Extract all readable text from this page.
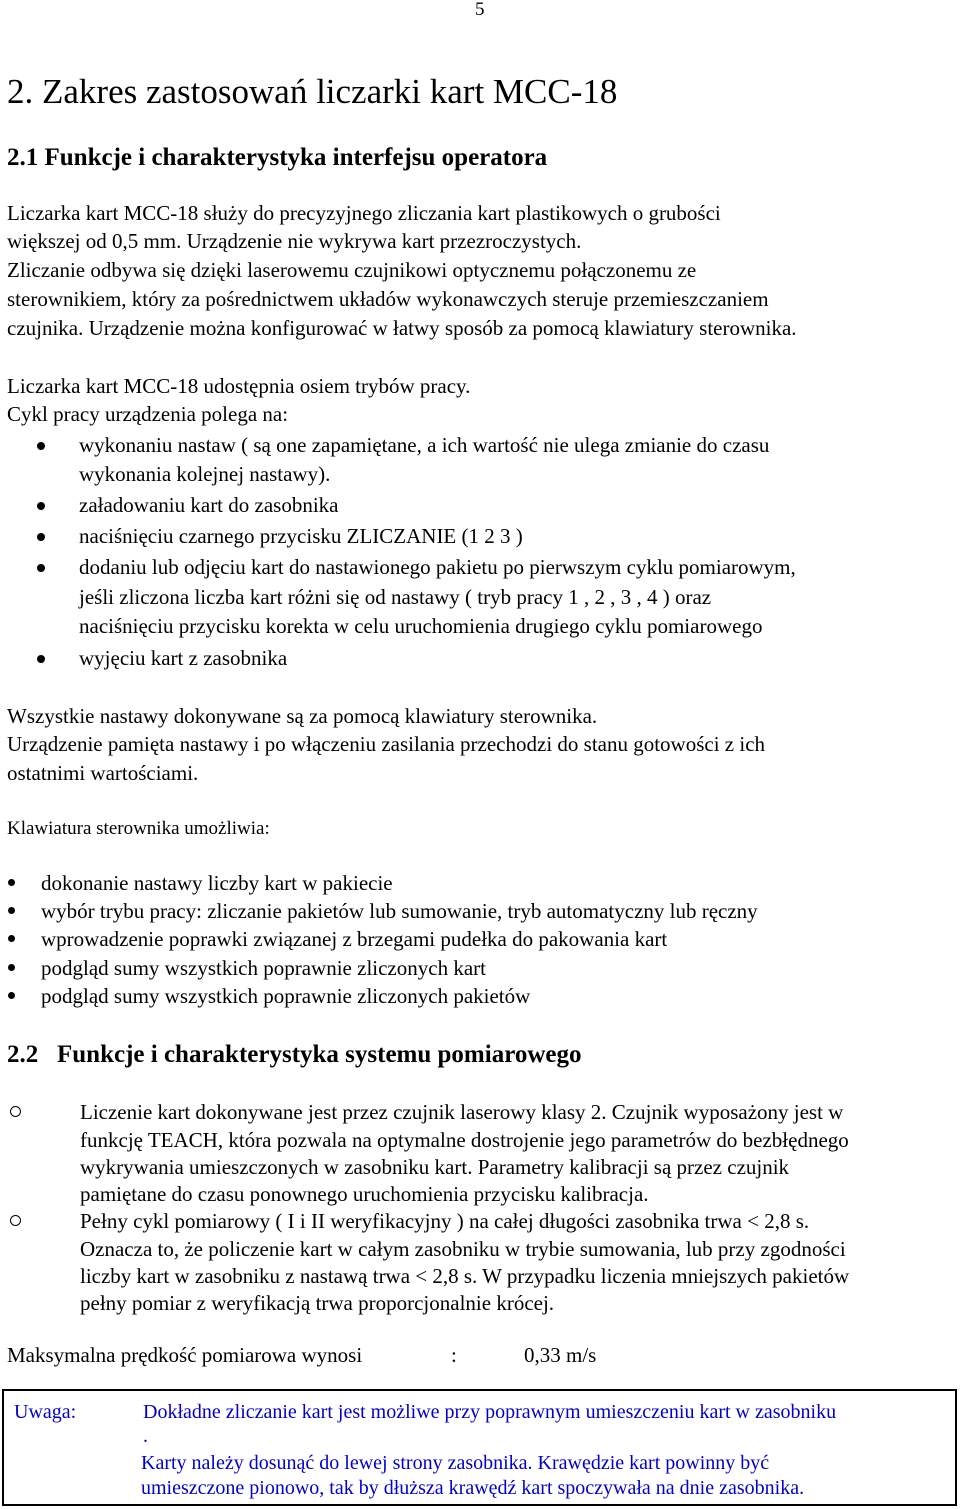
5
2. Zakres zastosowań liczarki kart MCC-18
2.1 Funkcje i charakterystyka interfejsu operatora
Liczarka kart MCC-18 służy do precyzyjnego zliczania kart plastikowych o grubości
większej od 0,5 mm. Urządzenie nie wykrywa kart przezroczystych.
Zliczanie odbywa się dzięki laserowemu czujnikowi optycznemu połączonemu ze
sterownikiem, który za pośrednictwem układów wykonawczych steruje przemieszczaniem
czujnika. Urządzenie można konfigurować w łatwy sposób za pomocą klawiatury sterownika.
Liczarka kart MCC-18 udostępnia osiem trybów pracy.
Cykl pracy urządzenia polega na:
wykonaniu nastaw ( są one zapamiętane, a ich wartość nie ulega zmianie do czasu
wykonania kolejnej nastawy).
załadowaniu kart do zasobnika
naciśnięciu czarnego przycisku ZLICZANIE (1 2 3 )
dodaniu lub odjęciu kart do nastawionego pakietu po pierwszym cyklu pomiarowym,
jeśli zliczona liczba kart różni się od nastawy ( tryb pracy 1 , 2 , 3 , 4 ) oraz
naciśnięciu przycisku korekta w celu uruchomienia drugiego cyklu pomiarowego
wyjęciu kart z zasobnika
Wszystkie nastawy dokonywane są za pomocą klawiatury sterownika.
Urządzenie pamięta nastawy i po włączeniu zasilania przechodzi do stanu gotowości z ich
ostatnimi wartościami.
Klawiatura sterownika umożliwia:
dokonanie nastawy liczby kart w pakiecie
wybór trybu pracy: zliczanie pakietów lub sumowanie, tryb automatyczny lub ręczny
wprowadzenie poprawki związanej z brzegami pudełka do pakowania kart
podgląd sumy wszystkich poprawnie zliczonych kart
podgląd sumy wszystkich poprawnie zliczonych pakietów
2.2 Funkcje i charakterystyka systemu pomiarowego
Liczenie kart dokonywane jest przez czujnik laserowy klasy 2. Czujnik wyposażony jest w
funkcję TEACH, która pozwala na optymalne dostrojenie jego parametrów do bezbłędnego
wykrywania umieszczonych w zasobniku kart. Parametry kalibracji są przez czujnik
pamiętane do czasu ponownego uruchomienia przycisku kalibracja.
Pełny cykl pomiarowy ( I i II weryfikacyjny ) na całej długości zasobnika trwa < 2,8 s.
Oznacza to, że policzenie kart w całym zasobniku w trybie sumowania, lub przy zgodności
liczby kart w zasobniku z nastawą trwa < 2,8 s. W przypadku liczenia mniejszych pakietów
pełny pomiar z weryfikacją trwa proporcjonalnie krócej.
Maksymalna prędkość pomiarowa wynosi	:	0,33 m/s
Uwaga:	Dokładne zliczanie kart jest możliwe przy poprawnym umieszczeniu kart w zasobniku
.
Karty należy dosunąć do lewej strony zasobnika. Krawędzie kart powinny być
umieszczone pionowo, tak by dłuższa krawędź kart spoczywała na dnie zasobnika.
